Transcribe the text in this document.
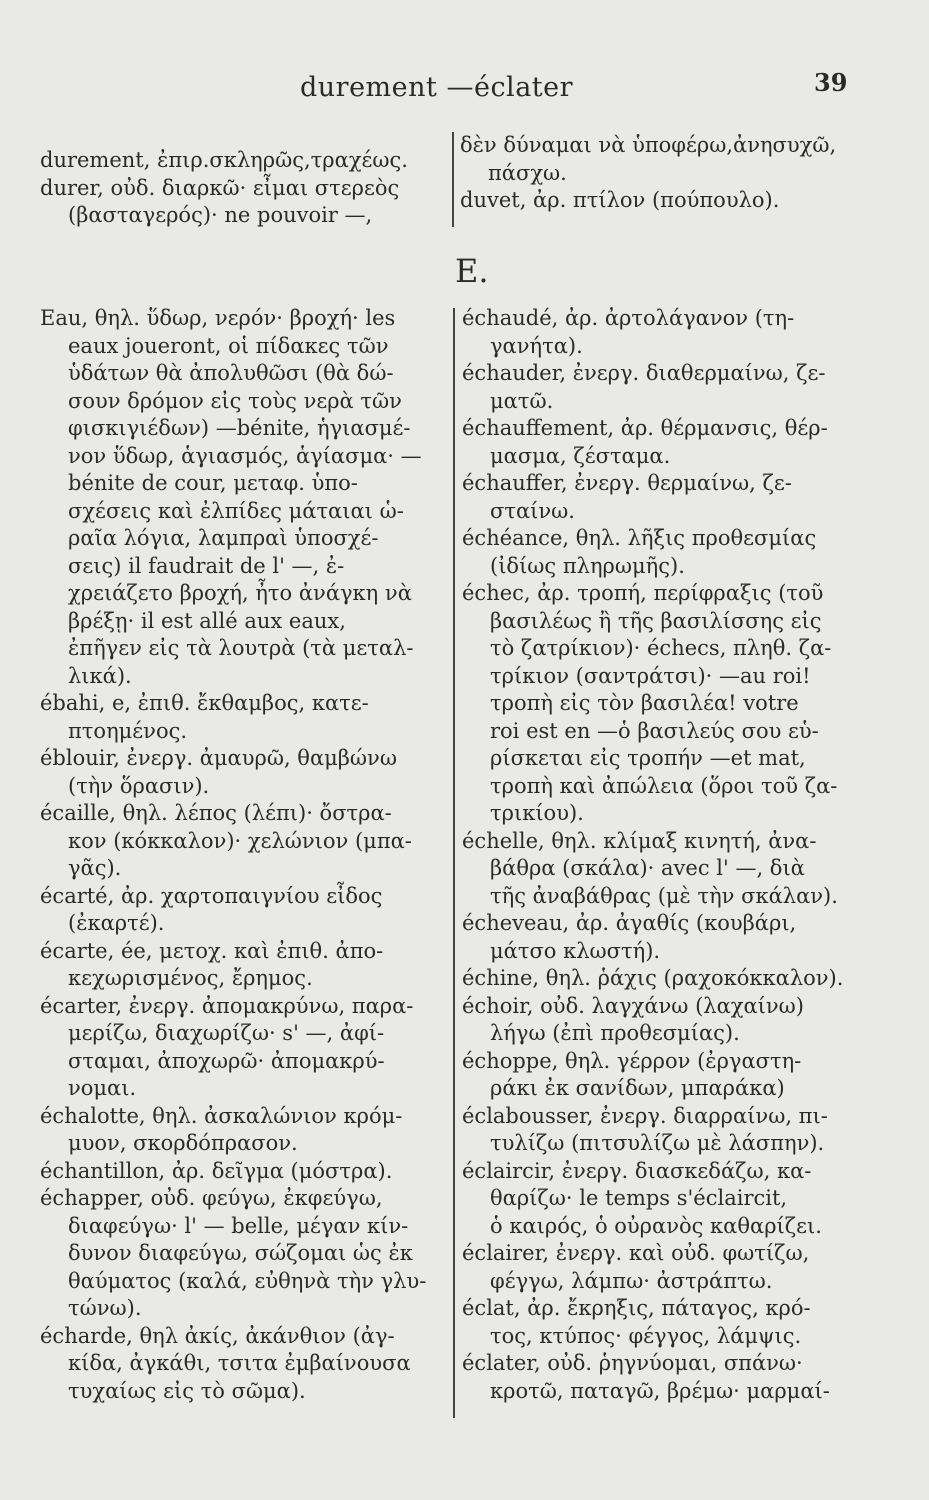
durement —éclater	39

durement, ἐπιρ.σκληρῶς,τραχέως.

durer, οὐδ. διαρκῶ· εἶμαι στερεὸς
(βασταγερός)· ne pouvoir —,

δὲν δύναμαι νὰ ὑποφέρω,ἀνησυχῶ,
πάσχω.

duvet, ἀρ. πτίλον (πούπουλο).

E.

Eau, θηλ. ὕδωρ, νερόν· βροχή· les
eaux joueront, οἱ πίδακες τῶν
ὑδάτων θὰ ἀπολυθῶσι (θὰ δώ-
σουν δρόμον εἰς τοὺς νερὰ τῶν
φισκιγιέδων) —bénite, ἡγιασμέ-
νον ὕδωρ, ἁγιασμός, ἁγίασμα· —
bénite de cour, μεταφ. ὑπο-
σχέσεις καὶ ἐλπίδες μάταιαι ὡ-
ραῖα λόγια, λαμπραὶ ὑποσχέ-
σεις) il faudrait de l' —, ἐ-
χρειάζετο βροχή, ἦτο ἀνάγκη νὰ
βρέξῃ· il est allé aux eaux,
ἐπῆγεν εἰς τὰ λουτρὰ (τὰ μεταλ-
λικά).

ébahi, e, ἐπιθ. ἔκθαμβος, κατε-
πτοημένος.

éblouir, ἐνεργ. ἀμαυρῶ, θαμβώνω
(τὴν ὅρασιν).

écaille, θηλ. λέπος (λέπι)· ὄστρα-
κον (κόκκαλον)· χελώνιον (μπα-
γᾶς).

écarté, ἀρ. χαρτοπαιγνίου εἶδος
(ἐκαρτέ).

écarte, ée, μετοχ. καὶ ἐπιθ. ἀπο-
κεχωρισμένος, ἔρημος.

écarter, ἐνεργ. ἀπομακρύνω, παρα-
μερίζω, διαχωρίζω· s' —, ἀφί-
σταμαι, ἀποχωρῶ· ἀπομακρύ-
νομαι.

échalotte, θηλ. ἀσκαλώνιον κρόμ-
μυον, σκορδόπρασον.

échantillon, ἀρ. δεῖγμα (μόστρα).

échapper, οὐδ. φεύγω, ἐκφεύγω,
διαφεύγω· l' — belle, μέγαν κίν-
δυνον διαφεύγω, σώζομαι ὡς ἐκ
θαύματος (καλά, εὐθηνὰ τὴν γλυ-
τώνω).

écharde, θηλ ἀκίς, ἀκάνθιον (ἀγ-
κίδα, ἀγκάθι, τσιτα ἐμβαίνουσα
τυχαίως εἰς τὸ σῶμα).

échaudé, ἀρ. ἀρτολάγανον (τη-
γανήτα).

échauder, ἐνεργ. διαθερμαίνω, ζε-
ματῶ.

échauffement, ἀρ. θέρμανσις, θέρ-
μασμα, ζέσταμα.

échauffer, ἐνεργ. θερμαίνω, ζε-
σταίνω.

échéance, θηλ. λῆξις προθεσμίας
(ἰδίως πληρωμῆς).

échec, ἀρ. τροπή, περίφραξις (τοῦ
βασιλέως ἢ τῆς βασιλίσσης εἰς
τὸ ζατρίκιον)· échecs, πληθ. ζα-
τρίκιον (σαντράτσι)· —au roi!
τροπὴ εἰς τὸν βασιλέα! votre
roi est en —ὁ βασιλεύς σου εὑ-
ρίσκεται εἰς τροπήν —et mat,
τροπὴ καὶ ἀπώλεια (ὅροι τοῦ ζα-
τρικίου).

échelle, θηλ. κλίμαξ κινητή, ἀνα-
βάθρα (σκάλα)· avec l' —, διὰ
τῆς ἀναβάθρας (μὲ τὴν σκάλαν).

écheveau, ἀρ. ἀγαθίς (κουβάρι,
μάτσο κλωστή).

échine, θηλ. ῥάχις (ραχοκόκκαλον).

échoir, οὐδ. λαγχάνω (λαχαίνω)
λήγω (ἐπὶ προθεσμίας).

échoppe, θηλ. γέρρον (ἐργαστη-
ράκι ἐκ σανίδων, μπαράκα)

éclabousser, ἐνεργ. διαρραίνω, πι-
τυλίζω (πιτσυλίζω μὲ λάσπην).

éclaircir, ἐνεργ. διασκεδάζω, κα-
θαρίζω· le temps s'éclaircit,
ὁ καιρός, ὁ οὐρανὸς καθαρίζει.

éclairer, ἐνεργ. καὶ οὐδ. φωτίζω,
φέγγω, λάμπω· ἀστράπτω.

éclat, ἀρ. ἔκρηξις, πάταγος, κρό-
τος, κτύπος· φέγγος, λάμψις.

éclater, οὐδ. ῥηγνύομαι, σπάνω·
κροτῶ, παταγῶ, βρέμω· μαρμαί-
